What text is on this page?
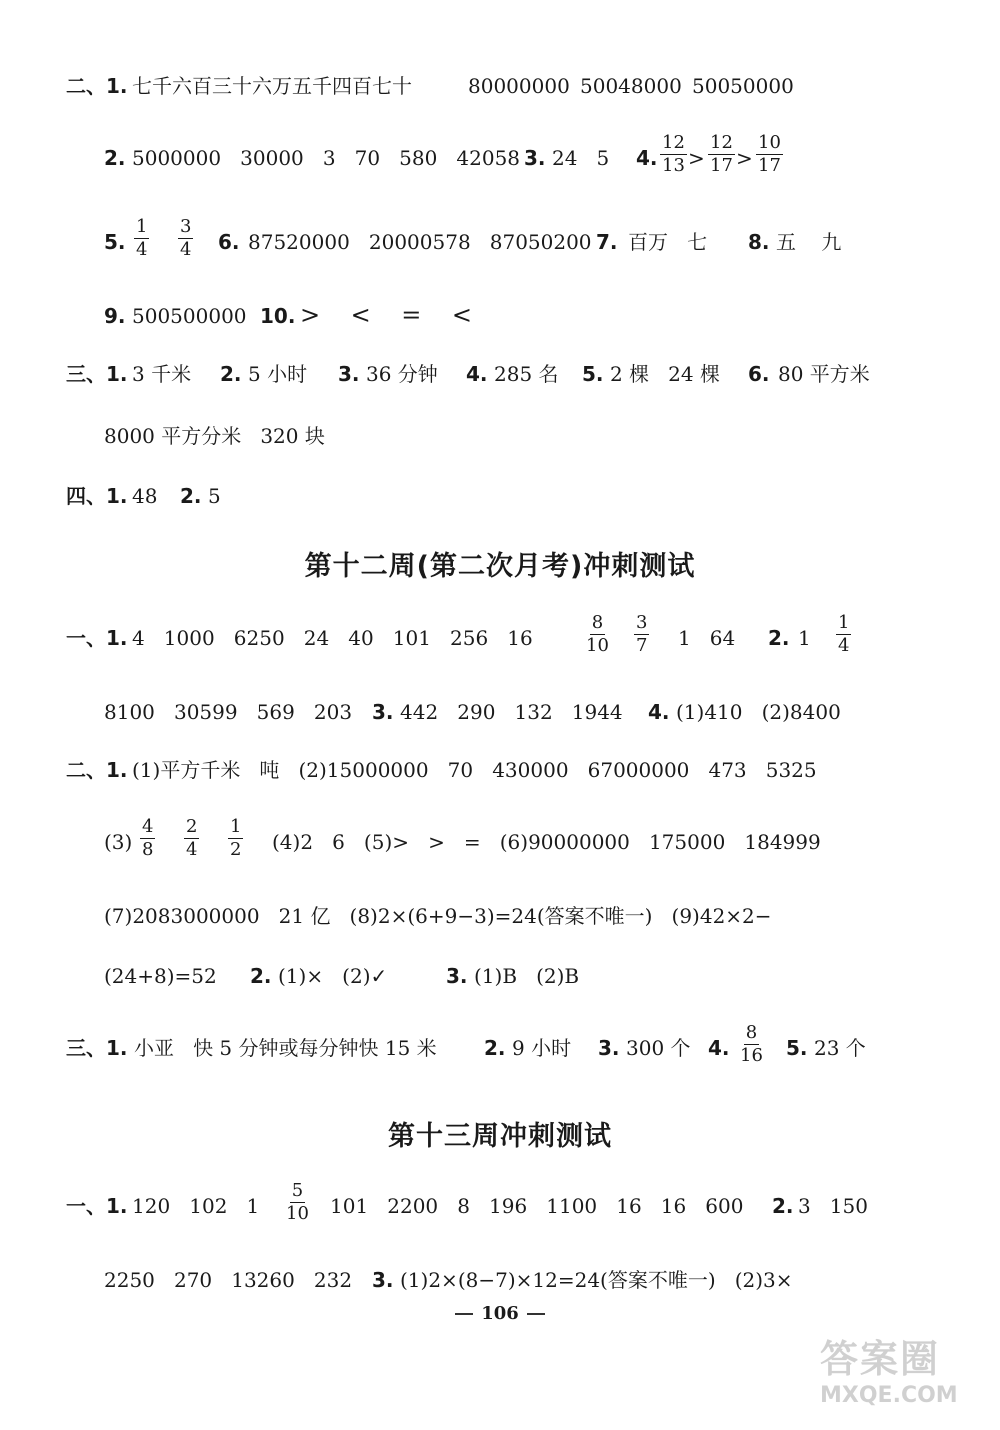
二、1. 七千六百三十六万五千四百七十	80000000 50048000 50050000
2. 5000000   30000   3   70   580   42058 3. 24   5 4. $\frac{12}{13} > \frac{12}{17} > \frac{10}{17}$
5. $\frac{1}{4} \frac{3}{4} 6$. 87520000   20000578   87050200 7. 百万   七 8. 五    九
9. 500500000 10. >    <    =    <
三、1. 3 千米 2. 5 小时 3. 36 分钟 4. 285 名 5. 2 棵   24 棵 6. 80 平方米
8000 平方分米   320 块
四、1. 48 2. 5
第十二周(第二次月考)冲刺测试
一、1. 4   1000   6250   24   40   101   256   16	$\frac{8}{10} \frac{3}{7} 1$   64 2. $1 \frac{1}{4}$
8100   30599   569   203 3. 442   290   132   1944 4. (1)410   (2)8400
二、1. (1)平方千米   吨   (2)15000000   70   430000   67000000   473   5325
$(3) \frac{4}{8} \frac{2}{4} \frac{1}{2} (4)2$   6   (5)>   >   =   (6)90000000   175000   184999
(7)2083000000   21 亿   (8)2×(6+9−3)=24(答案不唯一)   (9)42×2−
(24+8)=52 2. (1)×   (2)✓	3. (1)B   (2)B
三、1. 小亚   快 5 分钟或每分钟快 15 米 2. 9 小时 3. 300 个 4. $\frac{8}{16} 5$. 23 个
第十三周冲刺测试
一、1. 120   102   $1 \frac{5}{10} 101$   2200   8   196   1100   16   16   600 2. 3   150
2250   270   13260   232 3. (1)2×(8−7)×12=24(答案不唯一)   (2)3×
106
答案圈
MXQE.COM
